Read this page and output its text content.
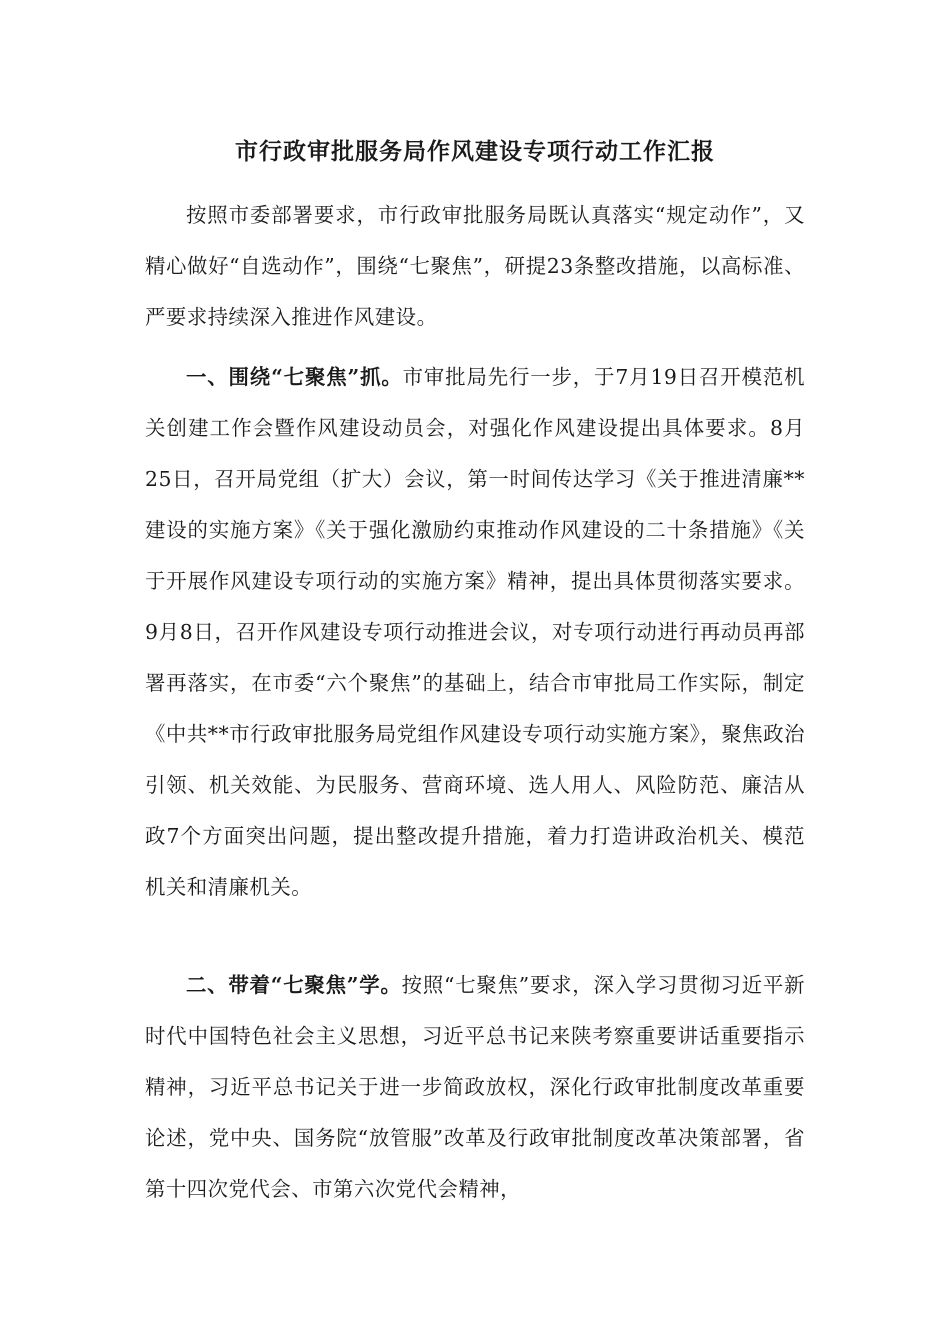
市行政审批服务局作风建设专项行动工作汇报

按照市委部署要求，市行政审批服务局既认真落实“规定动作”，又精心做好“自选动作”，围绕“七聚焦”，研提23条整改措施，以高标准、严要求持续深入推进作风建设。

一、围绕“七聚焦”抓。市审批局先行一步，于7月19日召开模范机关创建工作会暨作风建设动员会，对强化作风建设提出具体要求。8月25日，召开局党组（扩大）会议，第一时间传达学习《关于推进清廉**建设的实施方案》《关于强化激励约束推动作风建设的二十条措施》《关于开展作风建设专项行动的实施方案》精神，提出具体贯彻落实要求。9月8日，召开作风建设专项行动推进会议，对专项行动进行再动员再部署再落实，在市委“六个聚焦”的基础上，结合市审批局工作实际，制定《中共**市行政审批服务局党组作风建设专项行动实施方案》，聚焦政治引领、机关效能、为民服务、营商环境、选人用人、风险防范、廉洁从政7个方面突出问题，提出整改提升措施，着力打造讲政治机关、模范机关和清廉机关。

二、带着“七聚焦”学。按照“七聚焦”要求，深入学习贯彻习近平新时代中国特色社会主义思想，习近平总书记来陕考察重要讲话重要指示精神，习近平总书记关于进一步简政放权，深化行政审批制度改革重要论述，党中央、国务院“放管服”改革及行政审批制度改革决策部署，省第十四次党代会、市第六次党代会精神，
